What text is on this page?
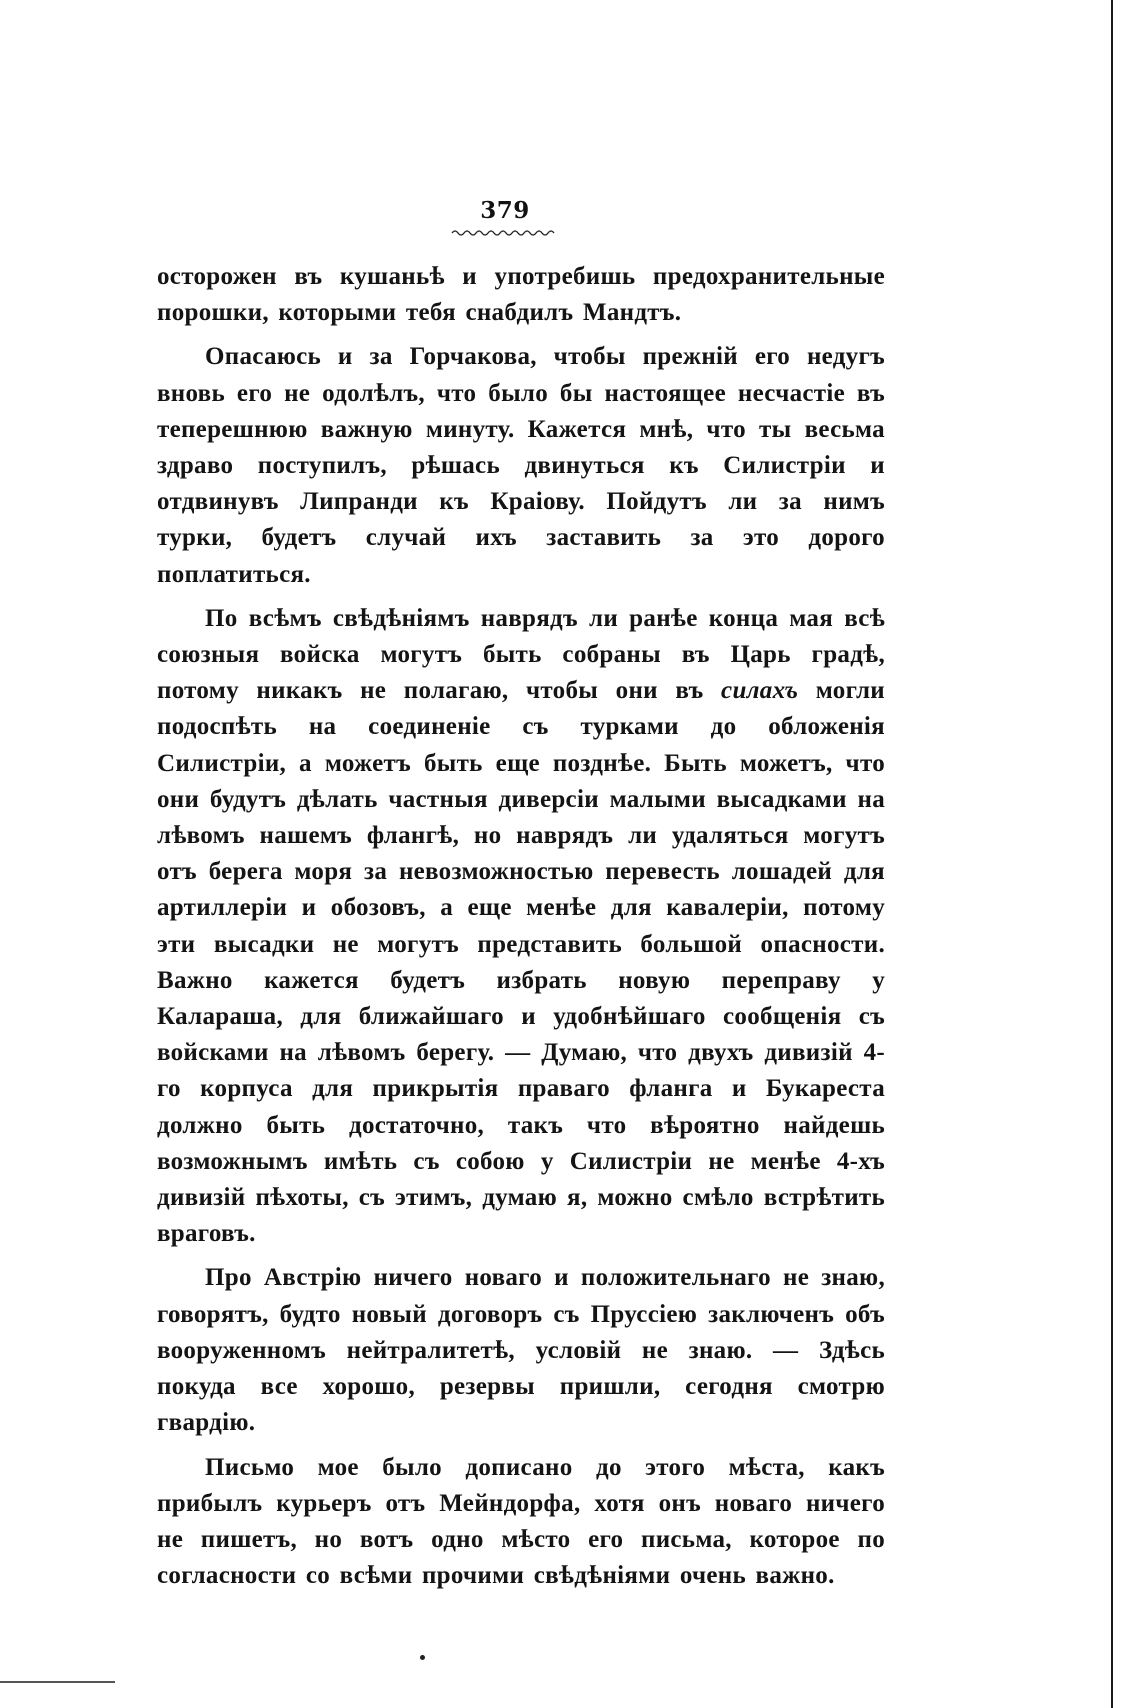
379

осторожен въ кушаньѣ и употребишь предохранительные порошки, которыми тебя снабдилъ Мандтъ.

Опасаюсь и за Горчакова, чтобы прежній его недугъ вновь его не одолѣлъ, что было бы настоящее несчастіе въ теперешнюю важную минуту. Кажется мнѣ, что ты весьма здраво поступилъ, рѣшась двинуться къ Силистріи и отдвинувъ Липранди къ Краiову. Пойдутъ ли за нимъ турки, будетъ случай ихъ заставить за это дорого поплатиться.

По всѣмъ свѣдѣніямъ наврядъ ли ранѣе конца мая всѣ союзныя войска могутъ быть собраны въ Царь градѣ, потому никакъ не полагаю, чтобы они въ силахъ могли подоспѣть на соединеніе съ турками до обложенія Силистріи, а можетъ быть еще позднѣе. Быть можетъ, что они будутъ дѣлать частныя диверсіи малыми высадками на лѣвомъ нашемъ флангѣ, но наврядъ ли удаляться могутъ отъ берега моря за невозможностью перевесть лошадей для артиллеріи и обозовъ, а еще менѣе для кавалеріи, потому эти высадки не могутъ представить большой опасности. Важно кажется будетъ избрать новую переправу у Калараша, для ближайшаго и удобнѣйшаго сообщенія съ войсками на лѣвомъ берегу. — Думаю, что двухъ дивизій 4-го корпуса для прикрытія праваго фланга и Букареста должно быть достаточно, такъ что вѣроятно найдешь возможнымъ имѣть съ собою у Силистріи не менѣе 4-хъ дивизій пѣхоты, съ этимъ, думаю я, можно смѣло встрѣтить враговъ.

Про Австрію ничего новаго и положительнаго не знаю, говорятъ, будто новый договоръ съ Пруссіею заключенъ объ вооруженномъ нейтралитетѣ, условій не знаю. — Здѣсь покуда все хорошо, резервы пришли, сегодня смотрю гвардію.

Письмо мое было дописано до этого мѣста, какъ прибылъ курьеръ отъ Мейндорфа, хотя онъ новаго ничего не пишетъ, но вотъ одно мѣсто его письма, которое по согласности со всѣми прочими свѣдѣніями очень важно.
